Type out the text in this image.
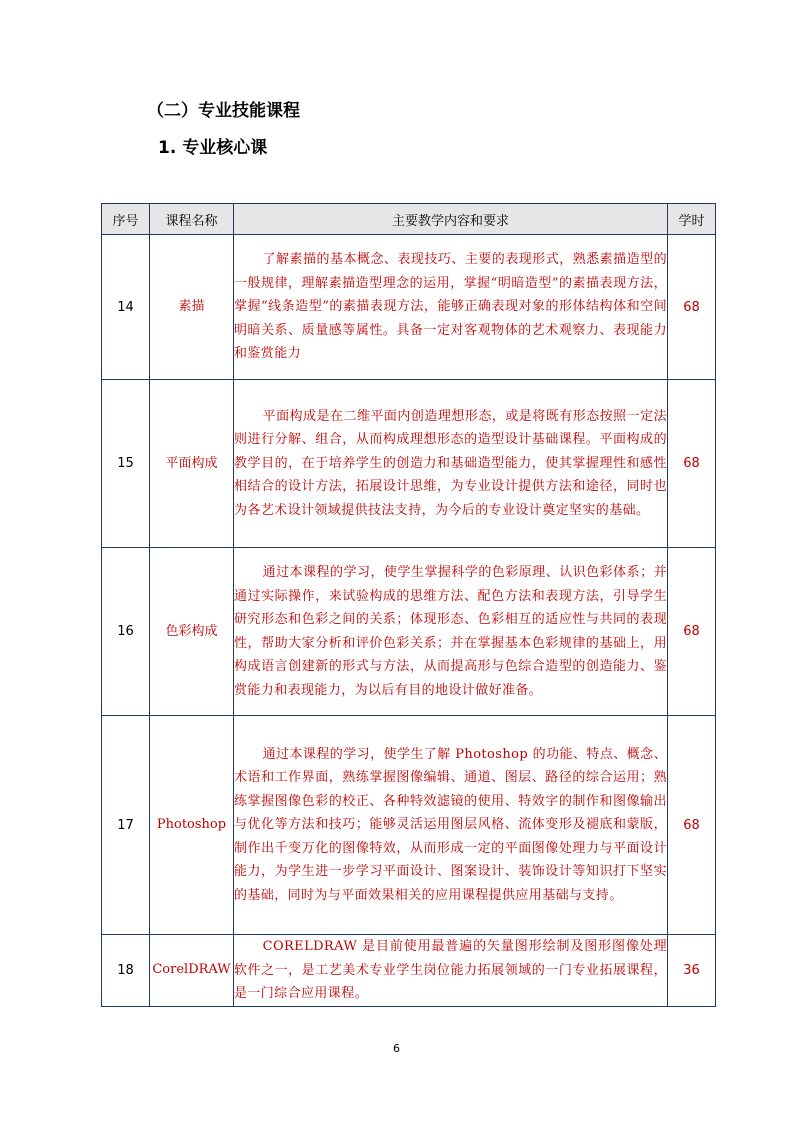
（二）专业技能课程
1. 专业核心课
序号	课程名称	主要教学内容和要求	学时
14	素描	了解素描的基本概念、表现技巧、主要的表现形式，熟悉素描造型的一般规律，理解素描造型理念的运用，掌握“明暗造型”的素描表现方法，掌握“线条造型”的素描表现方法，能够正确表现对象的形体结构体和空间明暗关系、质量感等属性。具备一定对客观物体的艺术观察力、表现能力和鉴赏能力	68
15	平面构成	平面构成是在二维平面内创造理想形态，或是将既有形态按照一定法则进行分解、组合，从而构成理想形态的造型设计基础课程。平面构成的教学目的，在于培养学生的创造力和基础造型能力，使其掌握理性和感性相结合的设计方法，拓展设计思维，为专业设计提供方法和途径，同时也为各艺术设计领域提供技法支持，为今后的专业设计奠定坚实的基础。	68
16	色彩构成	通过本课程的学习，使学生掌握科学的色彩原理、认识色彩体系；并通过实际操作，来试验构成的思维方法、配色方法和表现方法，引导学生研究形态和色彩之间的关系；体现形态、色彩相互的适应性与共同的表现性，帮助大家分析和评价色彩关系；并在掌握基本色彩规律的基础上，用构成语言创建新的形式与方法，从而提高形与色综合造型的创造能力、鉴赏能力和表现能力，为以后有目的地设计做好准备。	68
17	Photoshop	通过本课程的学习，使学生了解 Photoshop 的功能、特点、概念、术语和工作界面，熟练掌握图像编辑、通道、图层、路径的综合运用；熟练掌握图像色彩的校正、各种特效滤镜的使用、特效字的制作和图像输出与优化等方法和技巧；能够灵活运用图层风格、流体变形及褪底和蒙版，制作出千变万化的图像特效，从而形成一定的平面图像处理力与平面设计能力，为学生进一步学习平面设计、图案设计、装饰设计等知识打下坚实的基础，同时为与平面效果相关的应用课程提供应用基础与支持。	68
18	CorelDRAW	CORELDRAW 是目前使用最普遍的矢量图形绘制及图形图像处理软件之一，是工艺美术专业学生岗位能力拓展领域的一门专业拓展课程，是一门综合应用课程。	36
6
